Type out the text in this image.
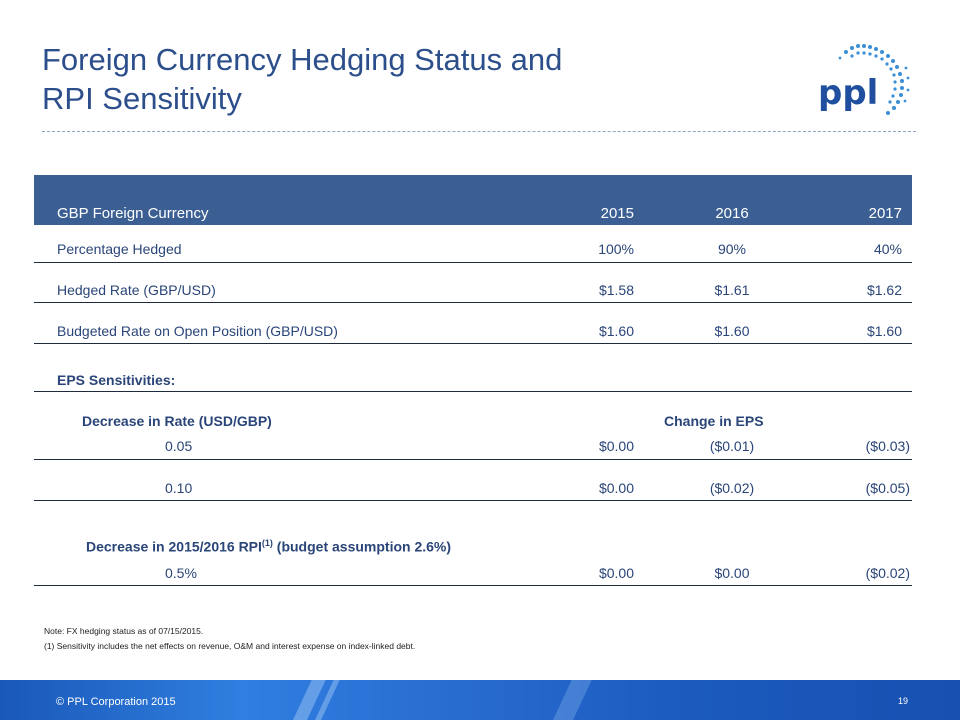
Foreign Currency Hedging Status and
RPI Sensitivity	ppl
GBP Foreign Currency	2015	2016	2017
Percentage Hedged	100%	90%	40%
Hedged Rate (GBP/USD)	$1.58	$1.61	$1.62
Budgeted Rate on Open Position (GBP/USD)	$1.60	$1.60	$1.60
EPS Sensitivities:
Decrease in Rate (USD/GBP)	Change in EPS
0.05	$0.00	($0.01)	($0.03)
0.10	$0.00	($0.02)	($0.05)
Decrease in 2015/2016 RPI$^{(1)}$ (budget assumption 2.6%)
0.5%	$0.00	$0.00	($0.02)
Note: FX hedging status as of 07/15/2015.
(1) Sensitivity includes the net effects on revenue, O&M and interest expense on index-linked debt.
© PPL Corporation 2015	19
